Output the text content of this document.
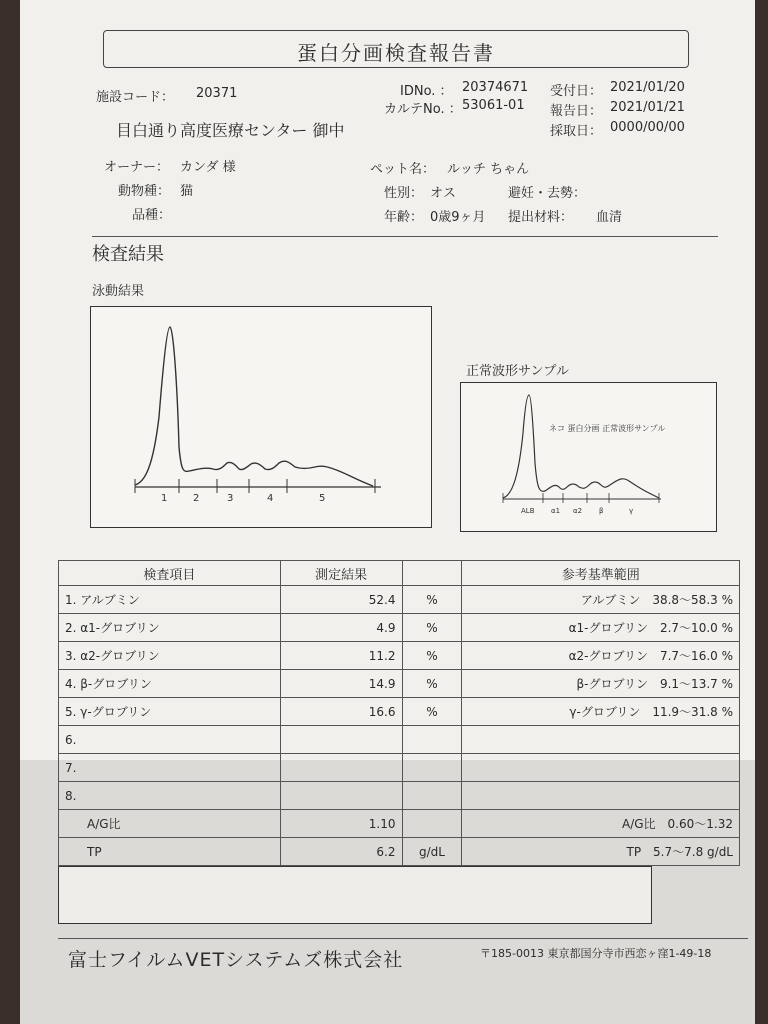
蛋白分画検査報告書
施設コード： 20371	IDNo. ： 20374671
カルテNo. ： 53061-01
受付日： 2021/01/20
報告日： 2021/01/21
採取日： 0000/00/00
目白通り高度医療センター 御中
オーナー： カンダ 様
動物種： 猫
品種：
ペット名： ルッチ ちゃん
性別： オス	避妊・去勢：
年齢： 0歳9ヶ月 提出材料： 血清
検査結果
泳動結果
1	2	3	4	5
正常波形サンプル
ネコ 蛋白分画 正常波形サンプル
ALB α1 α2 β	γ
検査項目	測定結果		参考基準範囲
1. アルブミン	52.4	%	アルブミン　38.8～58.3 %
2. α1-グロブリン	4.9	%	α1-グロブリン　2.7～10.0 %
3. α2-グロブリン	11.2	%	α2-グロブリン　7.7～16.0 %
4. β-グロブリン	14.9	%	β-グロブリン　9.1～13.7 %
5. γ-グロブリン	16.6	%	γ-グロブリン　11.9～31.8 %
6.			
7.			
8.			
A/G比	1.10		A/G比　0.60～1.32
TP	6.2	g/dL	TP　5.7～7.8 g/dL
富士フイルムVETシステムズ株式会社	〒185-0013 東京都国分寺市西恋ヶ窪1-49-18
